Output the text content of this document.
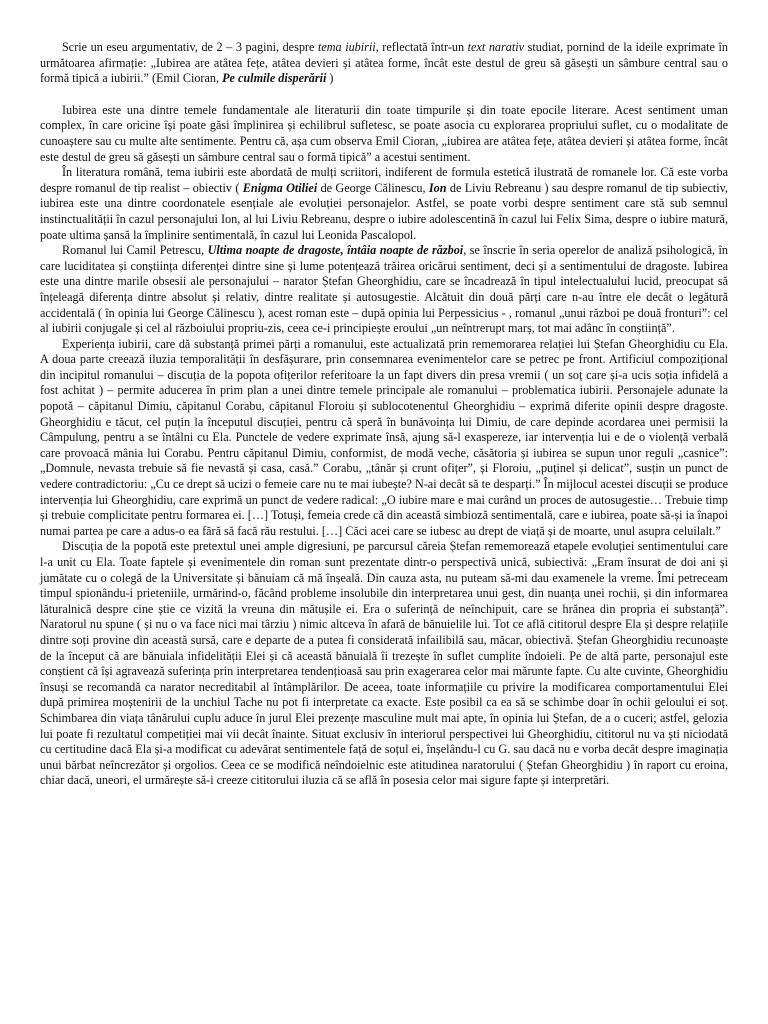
Scrie un eseu argumentativ, de 2 – 3 pagini, despre tema iubirii, reflectată într-un text narativ studiat, pornind de la ideile exprimate în următoarea afirmație: „Iubirea are atâtea fețe, atâtea devieri și atâtea forme, încât este destul de greu să găsești un sâmbure central sau o formă tipică a iubirii.” (Emil Cioran, Pe culmile disperării )

Iubirea este una dintre temele fundamentale ale literaturii din toate timpurile și din toate epocile literare. Acest sentiment uman complex, în care oricine își poate găsi împlinirea și echilibrul sufletesc, se poate asocia cu explorarea propriului suflet, cu o modalitate de cunoaștere sau cu multe alte sentimente. Pentru că, așa cum observa Emil Cioran, „iubirea are atâtea fețe, atâtea devieri și atâtea forme, încât este destul de greu să găsești un sâmbure central sau o formă tipică” a acestui sentiment.

În literatura română, tema iubirii este abordată de mulți scriitori, indiferent de formula estetică ilustrată de romanele lor. Că este vorba despre romanul de tip realist – obiectiv ( Enigma Otiliei de George Călinescu, Ion de Liviu Rebreanu ) sau despre romanul de tip subiectiv, iubirea este una dintre coordonatele esențiale ale evoluției personajelor. Astfel, se poate vorbi despre sentiment care stă sub semnul instinctualității în cazul personajului Ion, al lui Liviu Rebreanu, despre o iubire adolescentină în cazul lui Felix Sima, despre o iubire matură, poate ultima șansă la împlinire sentimentală, în cazul lui Leonida Pascalopol.

Romanul lui Camil Petrescu, Ultima noapte de dragoste, întâia noapte de război, se înscrie în seria operelor de analiză psihologică, în care luciditatea și conștiința diferenței dintre sine și lume potențează trăirea oricărui sentiment, deci și a sentimentului de dragoste. Iubirea este una dintre marile obsesii ale personajului – narator Ștefan Gheorghidiu, care se încadrează în tipul intelectualului lucid, preocupat să înțeleagă diferența dintre absolut și relativ, dintre realitate și autosugestie. Alcătuit din două părți care n-au între ele decât o legătură accidentală ( în opinia lui George Călinescu ), acest roman este – după opinia lui Perpessicius - , romanul „unui război pe două fronturi”: cel al iubirii conjugale și cel al războiului propriu-zis, ceea ce-i principiește eroului „un neîntrerupt marș, tot mai adânc în conștiință”.

Experiența iubirii, care dă substanță primei părți a romanului, este actualizată prin rememorarea relației lui Ștefan Gheorghidiu cu Ela. A doua parte creează iluzia temporalității în desfășurare, prin consemnarea evenimentelor care se petrec pe front. Artificiul compozițional din incipitul romanului – discuția de la popota ofițerilor referitoare la un fapt divers din presa vremii ( un soț care și-a ucis soția infidelă a fost achitat ) – permite aducerea în prim plan a unei dintre temele principale ale romanului – problematica iubirii. Personajele adunate la popotă – căpitanul Dimiu, căpitanul Corabu, căpitanul Floroiu și sublocotenentul Gheorghidiu – exprimă diferite opinii despre dragoste. Gheorghidiu e tăcut, cel puțin la începutul discuției, pentru că speră în bunăvoința lui Dimiu, de care depinde acordarea unei permisii la Câmpulung, pentru a se întâlni cu Ela. Punctele de vedere exprimate însă, ajung să-l exaspereze, iar intervenția lui e de o violență verbală care provoacă mânia lui Corabu. Pentru căpitanul Dimiu, conformist, de modă veche, căsătoria și iubirea se supun unor reguli „casnice”: „Domnule, nevasta trebuie să fie nevastă și casa, casă.” Corabu, „tânăr și crunt ofițer”, și Floroiu, „puținel și delicat”, susțin un punct de vedere contradictoriu: „Cu ce drept să ucizi o femeie care nu te mai iubește? N-ai decât să te desparți.” În mijlocul acestei discuții se produce intervenția lui Gheorghidiu, care exprimă un punct de vedere radical: „O iubire mare e mai curând un proces de autosugestie… Trebuie timp și trebuie complicitate pentru formarea ei. […] Totuși, femeia crede că din această simbioză sentimentală, care e iubirea, poate să-și ia înapoi numai partea pe care a adus-o ea fără să facă rău restului. […] Căci acei care se iubesc au drept de viață și de moarte, unul asupra celuilalt.”

Discuția de la popotă este pretextul unei ample digresiuni, pe parcursul căreia Ștefan rememorează etapele evoluției sentimentului care l-a unit cu Ela. Toate faptele și evenimentele din roman sunt prezentate dintr-o perspectivă unică, subiectivă: „Eram însurat de doi ani și jumătate cu o colegă de la Universitate și bănuiam că mă înșeală. Din cauza asta, nu puteam să-mi dau examenele la vreme. Îmi petreceam timpul spionându-i prieteniile, urmărind-o, făcând probleme insolubile din interpretarea unui gest, din nuanța unei rochii, și din informarea lăturalnică despre cine știe ce vizită la vreuna din mătușile ei. Era o suferință de neînchipuit, care se hrănea din propria ei substanță”. Naratorul nu spune ( și nu o va face nici mai târziu ) nimic altceva în afară de bănuielile lui. Tot ce află cititorul despre Ela și despre relațiile dintre soți provine din această sursă, care e departe de a putea fi considerată infailibilă sau, măcar, obiectivă. Ștefan Gheorghidiu recunoaște de la început că are bănuiala infidelității Elei și că această bănuială îi trezește în suflet cumplite îndoieli. Pe de altă parte, personajul este conștient că își agravează suferința prin interpretarea tendențioasă sau prin exagerarea celor mai mărunte fapte. Cu alte cuvinte, Gheorghidiu însuși se recomandă ca narator necreditabil al întâmplărilor. De aceea, toate informațiile cu privire la modificarea comportamentului Elei după primirea moștenirii de la unchiul Tache nu pot fi interpretate ca exacte. Este posibil ca ea să se schimbe doar în ochii geloului ei soț. Schimbarea din viața tânărului cuplu aduce în jurul Elei prezențe masculine mult mai apte, în opinia lui Ștefan, de a o cuceri; astfel, gelozia lui poate fi rezultatul competiției mai vii decât înainte. Situat exclusiv în interiorul perspectivei lui Gheorghidiu, cititorul nu va ști niciodată cu certitudine dacă Ela și-a modificat cu adevărat sentimentele față de soțul ei, înșelându-l cu G. sau dacă nu e vorba decât despre imaginația unui bărbat neîncrezător și orgolios. Ceea ce se modifică neîndoielnic este atitudinea naratorului ( Ștefan Gheorghidiu ) în raport cu eroina, chiar dacă, uneori, el urmărește să-i creeze cititorului iluzia că se află în posesia celor mai sigure fapte și interpretări.
